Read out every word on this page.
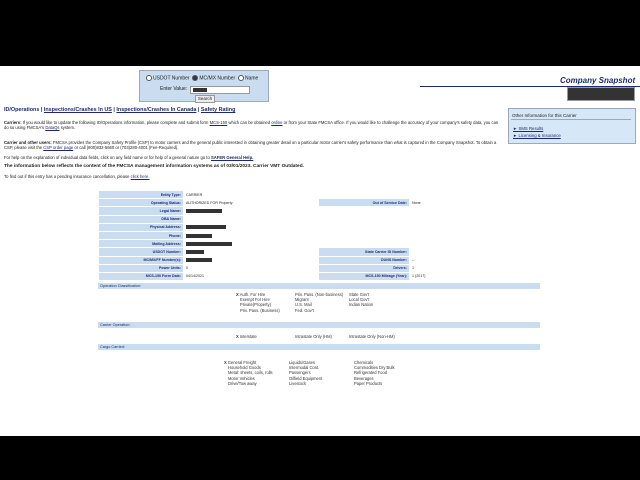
USDOT Number MC/MX Number Name
Enter Value:
Search
Company Snapshot
ID/Operations | Inspections/Crashes In US | Inspections/Crashes In Canada | Safety Rating
Other Information for this Carrier
► SMS Results
► Licensing & Insurance
Carriers: If you would like to update the following ID/Operations information, please complete and submit form MCS-150 which can be obtained online or from your State FMCSA office. If you would like to challenge the accuracy of your company's safety data, you can do so using FMCSA's DataQs system.
Carrier and other users: FMCSA provides the Company Safety Profile (CSP) to motor carriers and the general public interested in obtaining greater detail on a particular motor carrier's safety performance than what is captured in the Company Snapshot. To obtain a CSP, please visit the CSP order page or call (800)832-5660 or (703)280-4001 (Fee-Required).
For help on the explanation of individual data fields, click on any field name or for help of a general nature go to SAFER General Help.
The information below reflects the content of the FMCSA management information systems as of 03/01/2023. Carrier VMT Outdated.
To find out if this entry has a pending insurance cancellation, please click here.
Entity Type:	CARRIER		
Operating Status:	AUTHORIZED FOR Property	Out of Service Date:	None
Legal Name:			
DBA Name:			
Physical Address:			
Phone:			
Mailing Address:			
USDOT Number:		State Carrier ID Number:	
MC/MX/FF Number(s):		DUNS Number:	--
Power Units:	0	Drivers:	1
MCS-150 Form Date:	04/14/2021	MCS-150 Mileage (Year):	1 (2017)
Operation Classification:
XAuth. For Hire
Exempt For Hire
Private(Property)
Priv. Pass. (Business)
Priv. Pass. (Non-business)
Migrant
U.S. Mail
Fed. Gov't
State Gov't
Local Gov't
Indian Nation
Carrier Operation:
XInterstate	Intrastate Only (HM)	Intrastate Only (Non-HM)
Cargo Carried:
XGeneral Freight
Household Goods
Metal: sheets, coils, rolls
Motor Vehicles
Drive/Tow away
Liquids/Gases
Intermodal Cont.
Passengers
Oilfield Equipment
Livestock
Chemicals
Commodities Dry Bulk
Refrigerated Food
Beverages
Paper Products
